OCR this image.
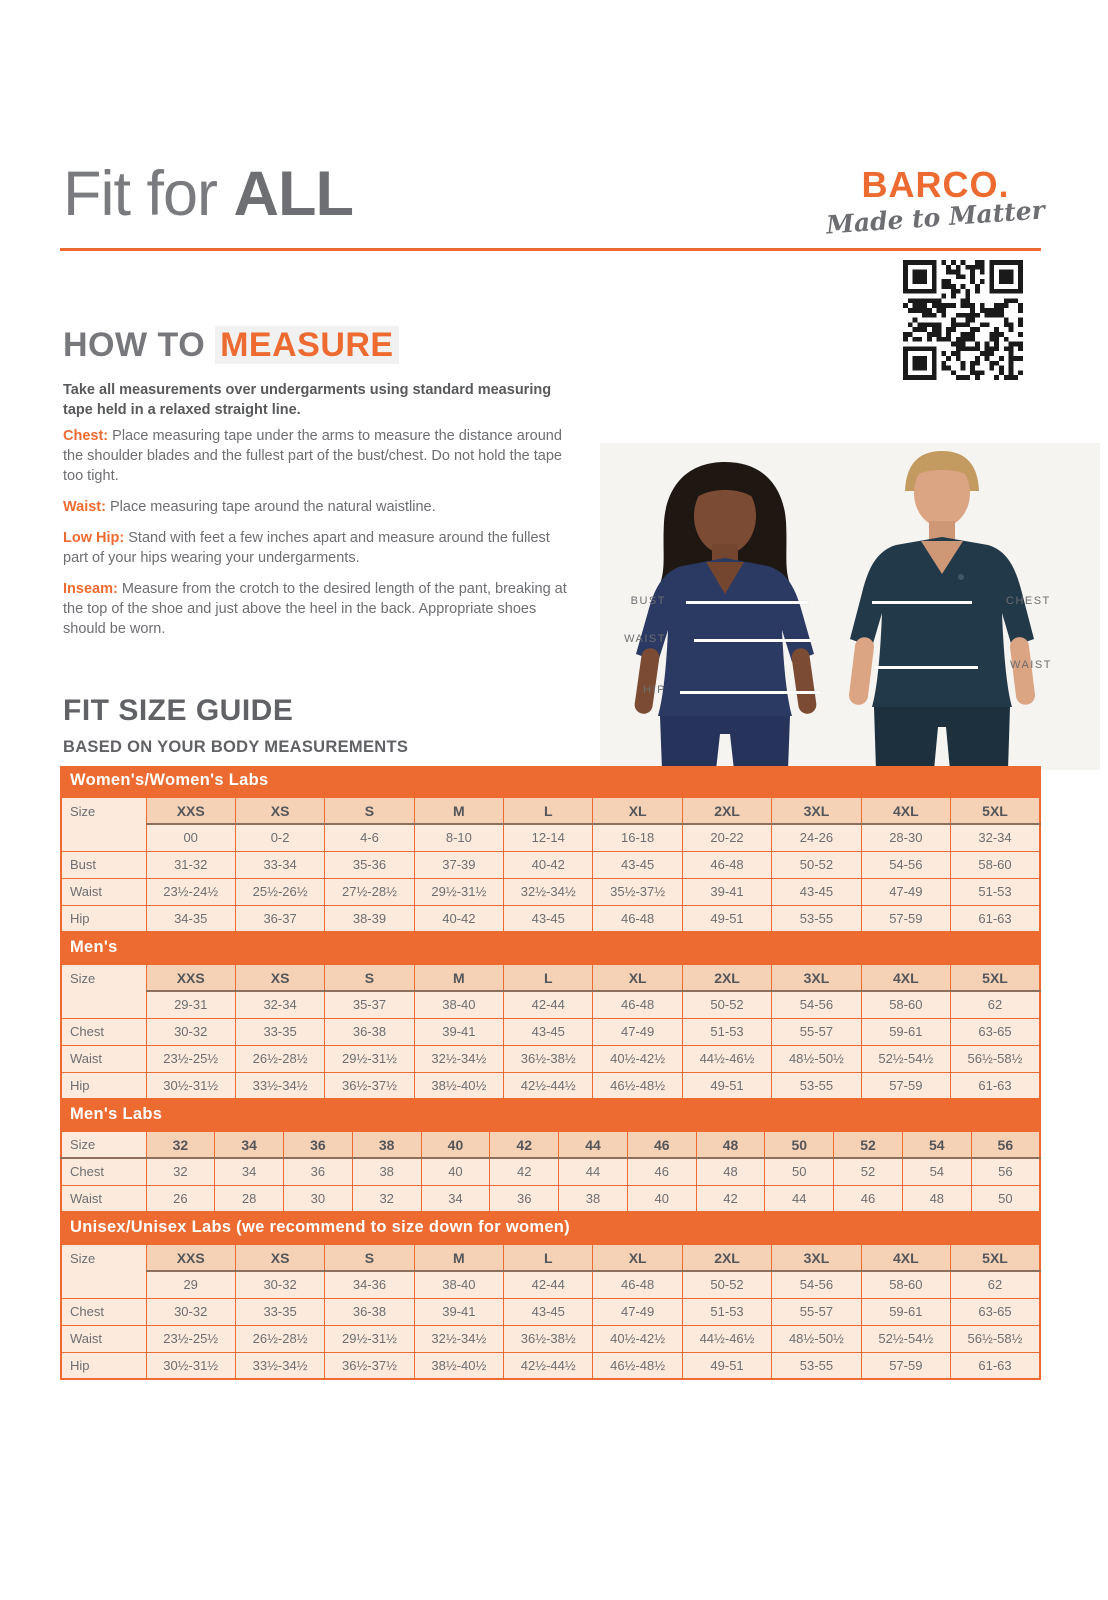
Fit for ALL	BARCO.
Made to Matter
HOW TO MEASURE

Take all measurements over undergarments using standard measuring tape held in a relaxed straight line.

Chest: Place measuring tape under the arms to measure the distance around the shoulder blades and the fullest part of the bust/chest. Do not hold the tape too tight.

Waist: Place measuring tape around the natural waistline.

Low Hip: Stand with feet a few inches apart and measure around the fullest part of your hips wearing your undergarments.

Inseam: Measure from the crotch to the desired length of the pant, breaking at the top of the shoe and just above the heel in the back. Appropriate shoes should be worn.

BUST
WAIST
HIP
CHEST
WAIST
FIT SIZE GUIDE
BASED ON YOUR BODY MEASUREMENTS
Women's/Women's Labs
Size	XXS	XS	S	M	L	XL	2XL	3XL	4XL	5XL
	00	0-2	4-6	8-10	12-14	16-18	20-22	24-26	28-30	32-34
Bust	31-32	33-34	35-36	37-39	40-42	43-45	46-48	50-52	54-56	58-60
Waist	23½-24½	25½-26½	27½-28½	29½-31½	32½-34½	35½-37½	39-41	43-45	47-49	51-53
Hip	34-35	36-37	38-39	40-42	43-45	46-48	49-51	53-55	57-59	61-63
Men's
Size	XXS	XS	S	M	L	XL	2XL	3XL	4XL	5XL
	29-31	32-34	35-37	38-40	42-44	46-48	50-52	54-56	58-60	62
Chest	30-32	33-35	36-38	39-41	43-45	47-49	51-53	55-57	59-61	63-65
Waist	23½-25½	26½-28½	29½-31½	32½-34½	36½-38½	40½-42½	44½-46½	48½-50½	52½-54½	56½-58½
Hip	30½-31½	33½-34½	36½-37½	38½-40½	42½-44½	46½-48½	49-51	53-55	57-59	61-63
Men's Labs
Size	32	34	36	38	40	42	44	46	48	50	52	54	56
Chest	32	34	36	38	40	42	44	46	48	50	52	54	56
Waist	26	28	30	32	34	36	38	40	42	44	46	48	50
Unisex/Unisex Labs (we recommend to size down for women)
Size	XXS	XS	S	M	L	XL	2XL	3XL	4XL	5XL
	29	30-32	34-36	38-40	42-44	46-48	50-52	54-56	58-60	62
Chest	30-32	33-35	36-38	39-41	43-45	47-49	51-53	55-57	59-61	63-65
Waist	23½-25½	26½-28½	29½-31½	32½-34½	36½-38½	40½-42½	44½-46½	48½-50½	52½-54½	56½-58½
Hip	30½-31½	33½-34½	36½-37½	38½-40½	42½-44½	46½-48½	49-51	53-55	57-59	61-63
